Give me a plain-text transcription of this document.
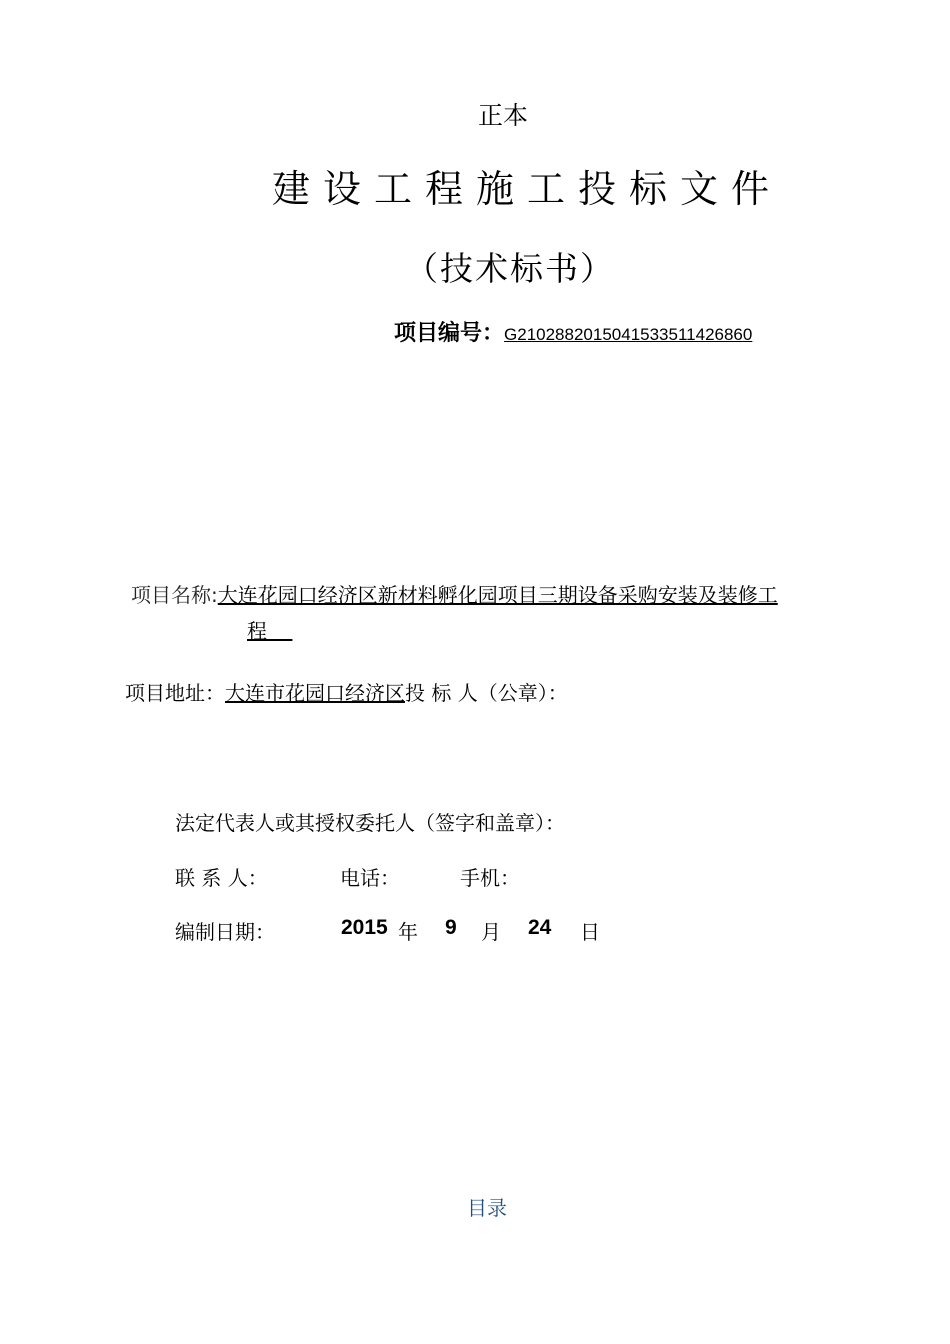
正本
建设工程施工投标文件
（技术标书）
项目编号：G210288201504153351142686​0
项目名称:大连花园口经济区新材料孵化园项目三期设备采购安装及装修工
程
项目地址：大连市花园口经济区投 标 人（公章）：
法定代表人或其授权委托人（签字和盖章）：
联 系 人：	电话：	手机：
编制日期：	2015 年 9 月 24 日
目录
